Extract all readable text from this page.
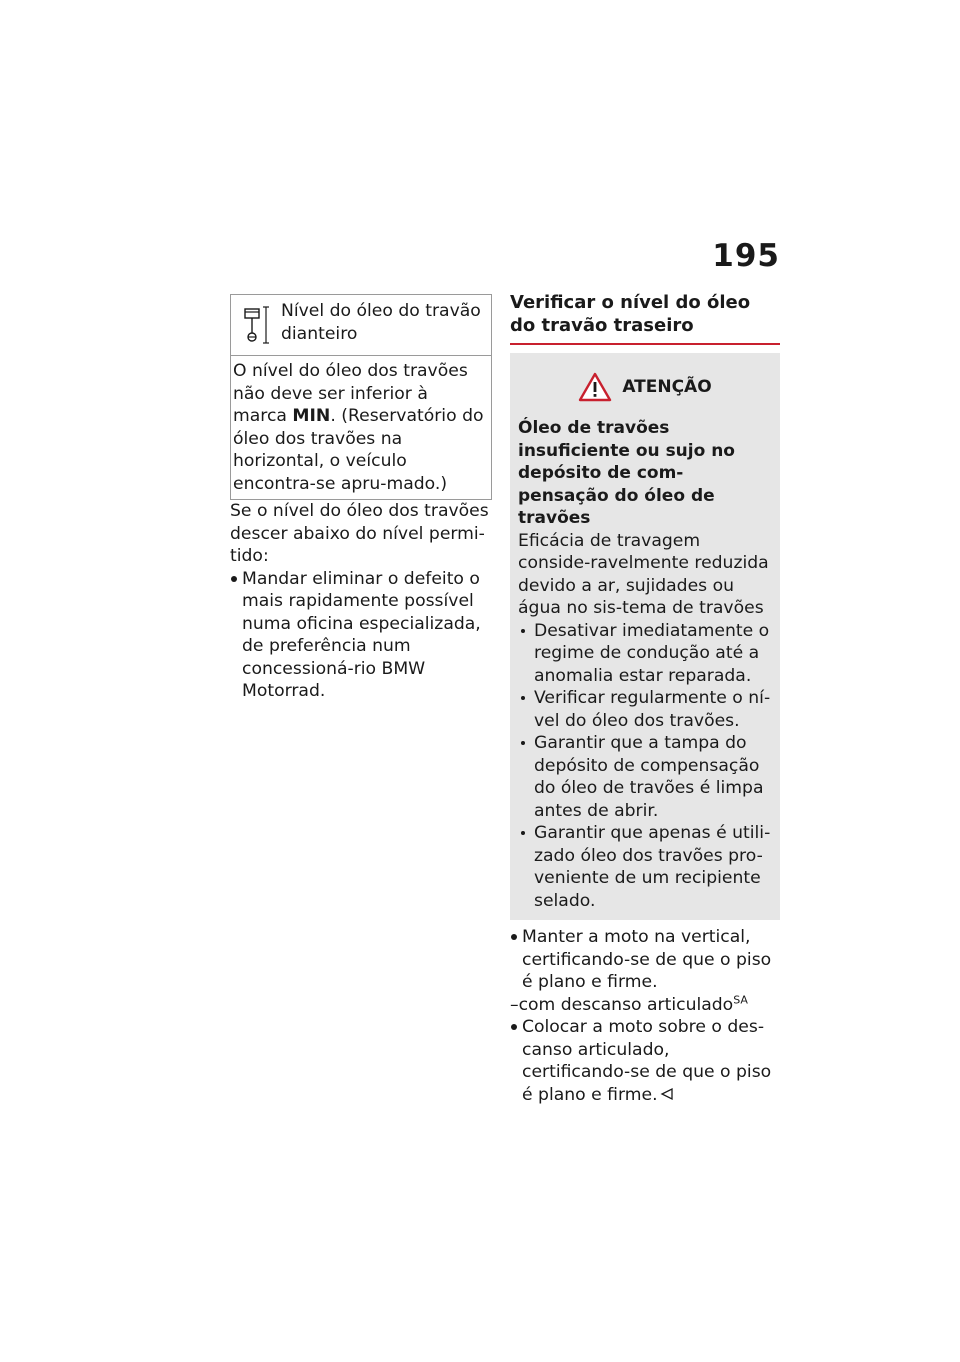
195
Nível do óleo do travão dianteiro
O nível do óleo dos travões não deve ser inferior à marca MIN. (Reservatório do óleo dos travões na horizontal, o veículo encontra-se apru-mado.)

Se o nível do óleo dos travões descer abaixo do nível permi-tido:

Mandar eliminar o defeito o mais rapidamente possível numa oficina especializada, de preferência num concessioná-rio BMW Motorrad.

Verificar o nível do óleo do travão traseiro
ATENÇÃO

Óleo de travões insuficiente ou sujo no depósito de com-pensação do óleo de travões

Eficácia de travagem conside-ravelmente reduzida devido a ar, sujidades ou água no sis-tema de travões

Desativar imediatamente o regime de condução até a anomalia estar reparada.

Verificar regularmente o ní-vel do óleo dos travões.

Garantir que a tampa do depósito de compensação do óleo de travões é limpa antes de abrir.

Garantir que apenas é utili-zado óleo dos travões pro-veniente de um recipiente selado.

Manter a moto na vertical, certificando-se de que o piso é plano e firme.

–com descanso articulado$^{SA}$

Colocar a moto sobre o des-canso articulado, certificando-se de que o piso é plano e firme.
